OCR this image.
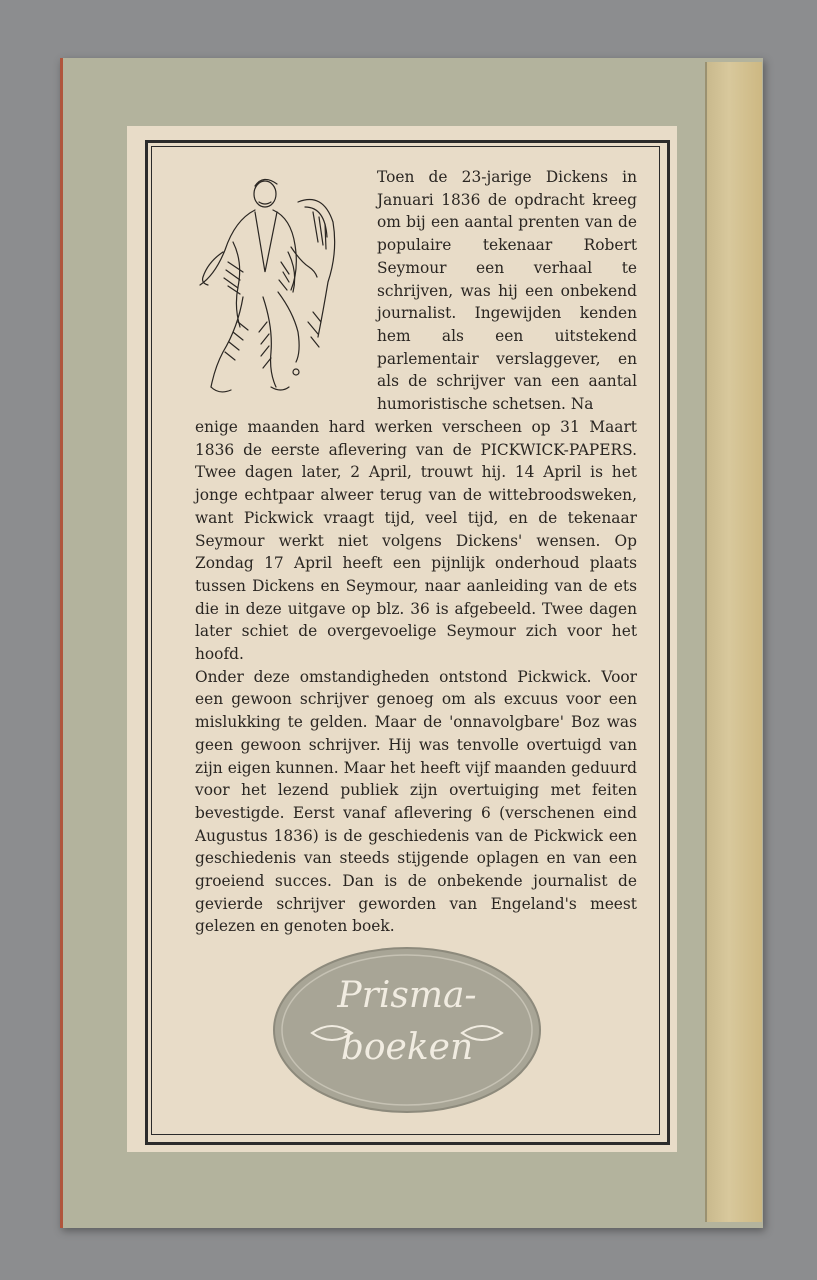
Toen de 23-jarige Dickens in Januari 1836 de opdracht kreeg om bij een aantal prenten van de populaire tekenaar Robert Seymour een verhaal te schrijven, was hij een onbekend journalist. Ingewijden kenden hem als een uitstekend parlementair verslaggever, en als de schrijver van een aantal humoristische schetsen. Na

enige maanden hard werken verscheen op 31 Maart 1836 de eerste aflevering van de PICKWICK-PAPERS. Twee dagen later, 2 April, trouwt hij. 14 April is het jonge echtpaar alweer terug van de wittebroodsweken, want Pickwick vraagt tijd, veel tijd, en de tekenaar Seymour werkt niet volgens Dickens' wensen. Op Zondag 17 April heeft een pijnlijk onderhoud plaats tussen Dickens en Seymour, naar aanleiding van de ets die in deze uitgave op blz. 36 is afgebeeld. Twee dagen later schiet de overgevoelige Seymour zich voor het hoofd.

Onder deze omstandigheden ontstond Pickwick. Voor een gewoon schrijver genoeg om als excuus voor een mislukking te gelden. Maar de 'onnavolgbare' Boz was geen gewoon schrijver. Hij was tenvolle overtuigd van zijn eigen kunnen. Maar het heeft vijf maanden geduurd voor het lezend publiek zijn overtuiging met feiten bevestigde. Eerst vanaf aflevering 6 (verschenen eind Augustus 1836) is de geschiedenis van de Pickwick een geschiedenis van steeds stijgende oplagen en van een groeiend succes. Dan is de onbekende journalist de gevierde schrijver geworden van Engeland's meest gelezen en genoten boek.

Prisma-
boeken
